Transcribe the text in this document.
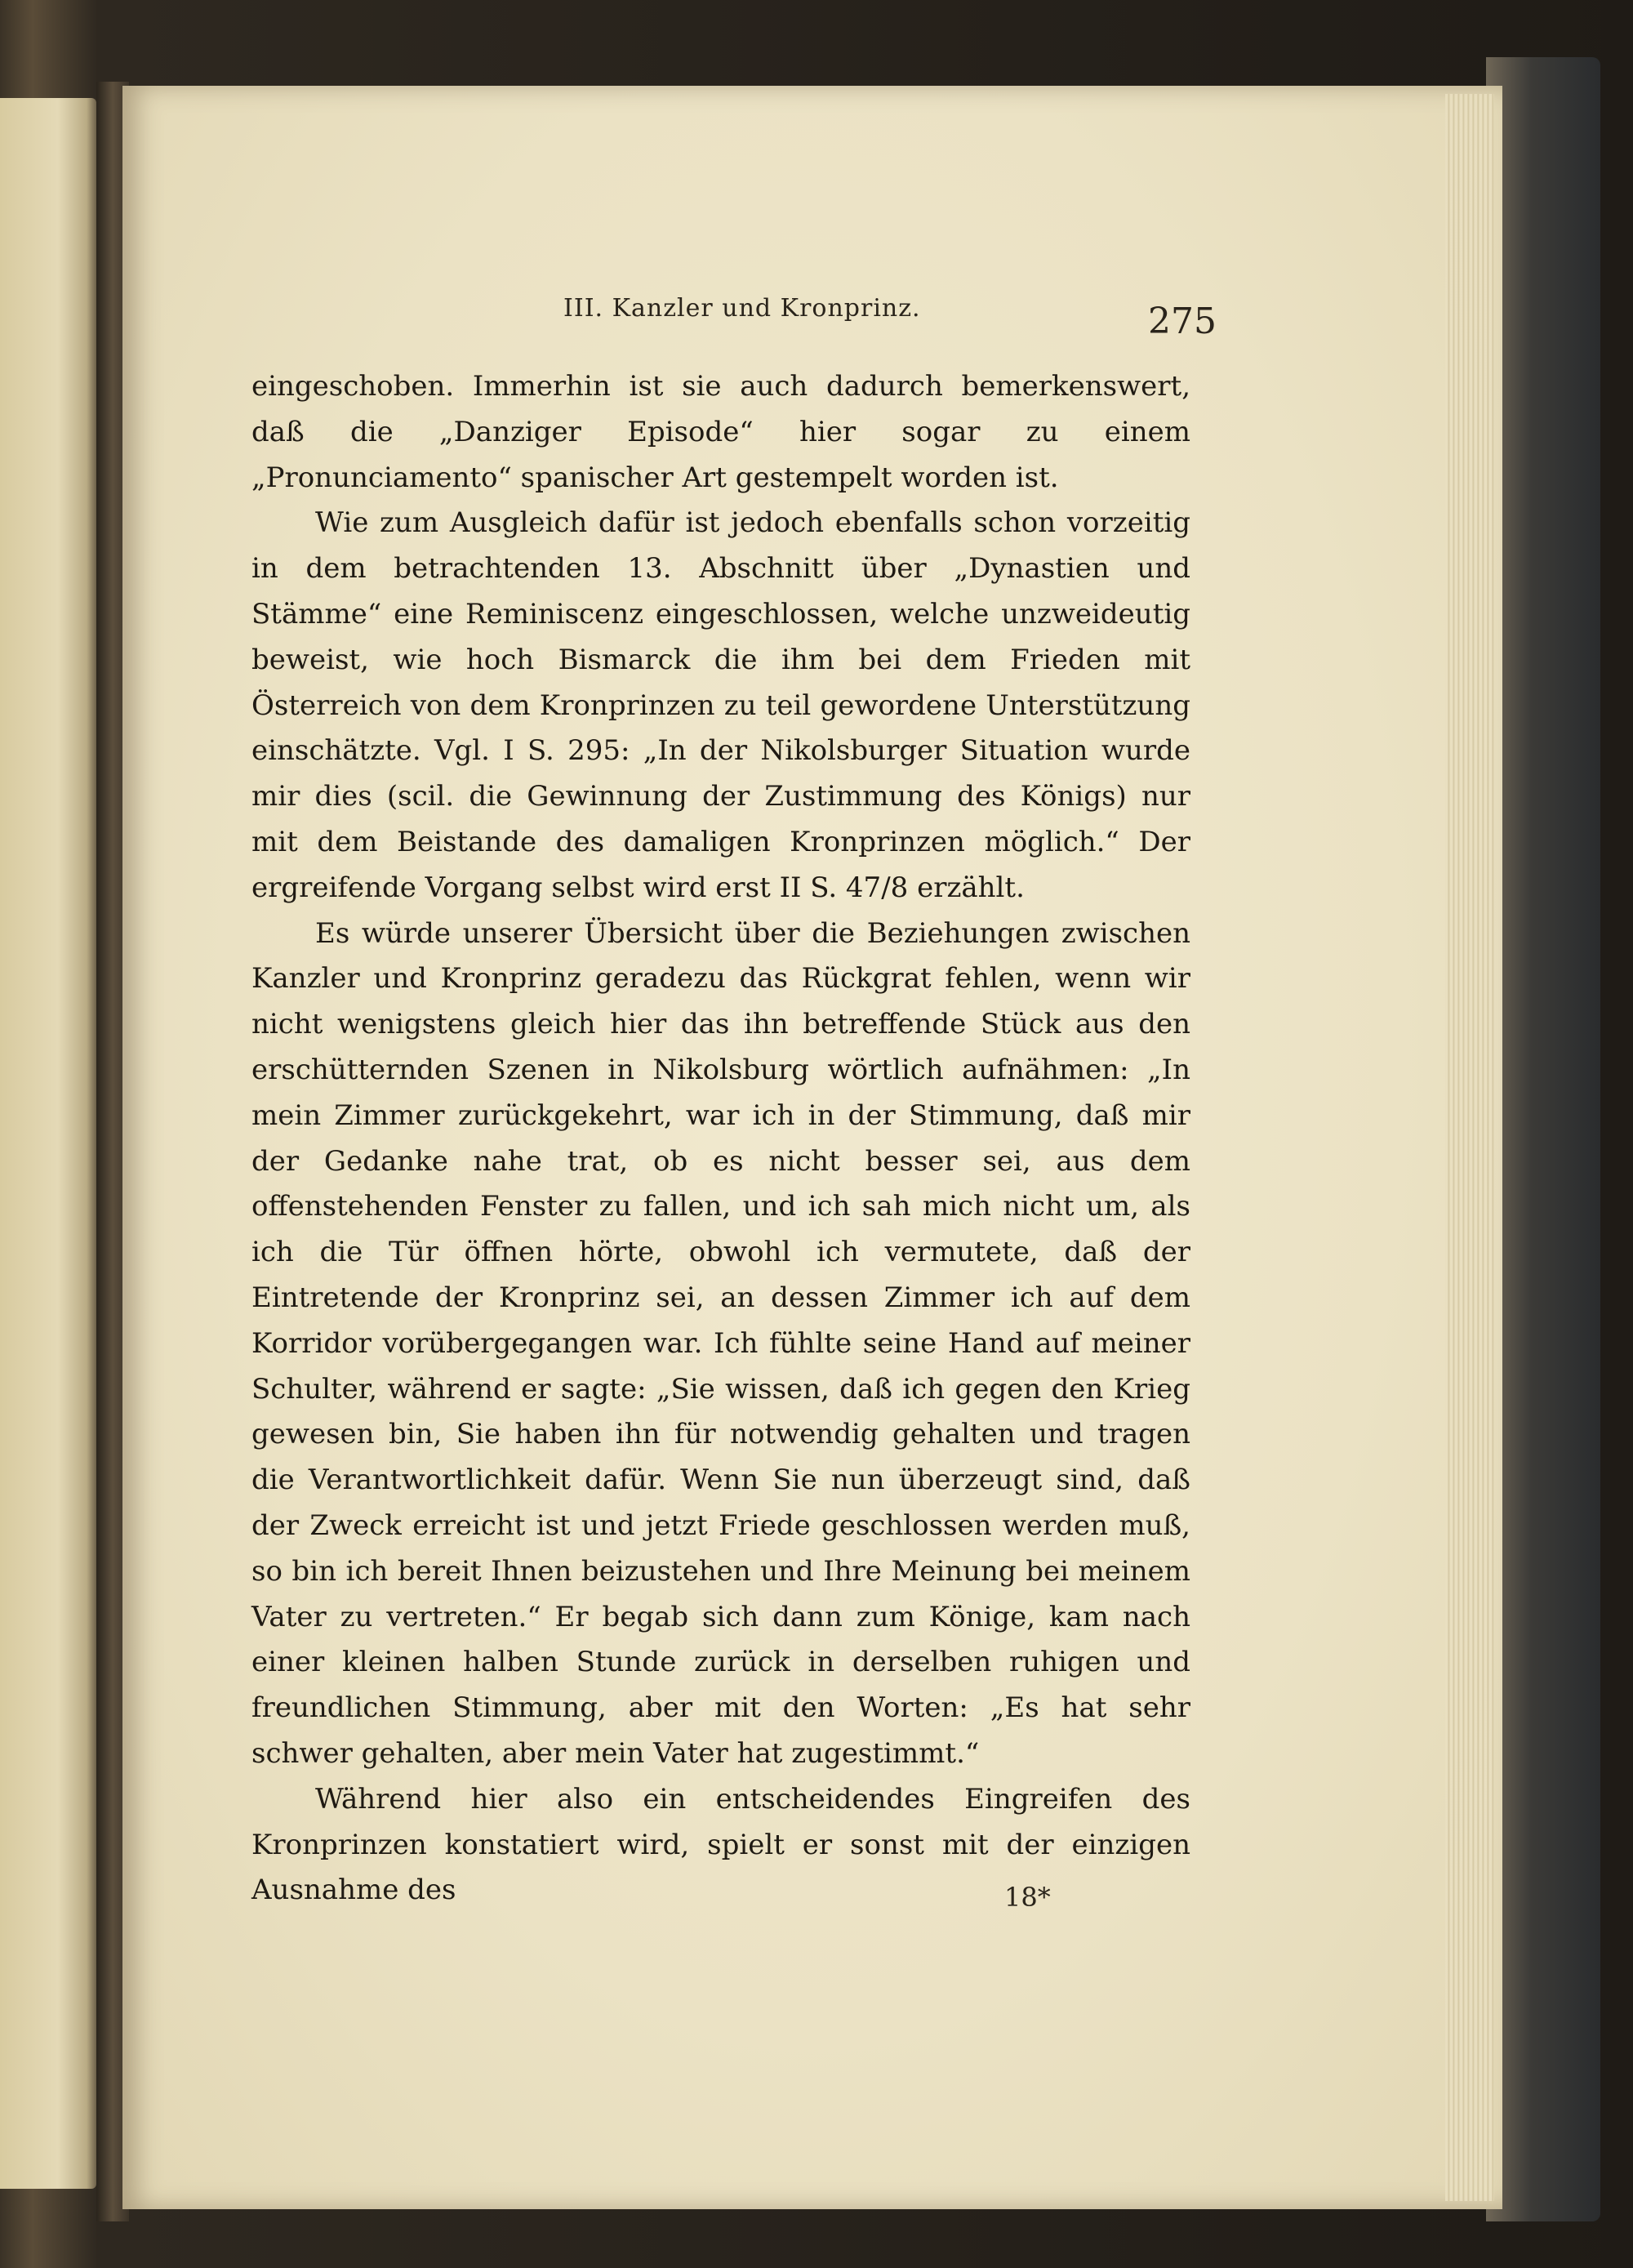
III. Kanzler und Kronprinz.	275

eingeschoben. Immerhin ist sie auch dadurch bemerkenswert, daß die „Danziger Episode“ hier sogar zu einem „Pronunciamento“ spanischer Art gestempelt worden ist.

Wie zum Ausgleich dafür ist jedoch ebenfalls schon vorzeitig in dem betrachtenden 13. Abschnitt über „Dynastien und Stämme“ eine Reminiscenz eingeschlossen, welche unzweideutig beweist, wie hoch Bismarck die ihm bei dem Frieden mit Österreich von dem Kronprinzen zu teil gewordene Unterstützung einschätzte. Vgl. I S. 295: „In der Nikolsburger Situation wurde mir dies (scil. die Gewinnung der Zustimmung des Königs) nur mit dem Beistande des damaligen Kronprinzen möglich.“ Der ergreifende Vorgang selbst wird erst II S. 47/8 erzählt.

Es würde unserer Übersicht über die Beziehungen zwischen Kanzler und Kronprinz geradezu das Rückgrat fehlen, wenn wir nicht wenigstens gleich hier das ihn betreffende Stück aus den erschütternden Szenen in Nikolsburg wörtlich aufnähmen: „In mein Zimmer zurückgekehrt, war ich in der Stimmung, daß mir der Gedanke nahe trat, ob es nicht besser sei, aus dem offenstehenden Fenster zu fallen, und ich sah mich nicht um, als ich die Tür öffnen hörte, obwohl ich vermutete, daß der Eintretende der Kronprinz sei, an dessen Zimmer ich auf dem Korridor vorübergegangen war. Ich fühlte seine Hand auf meiner Schulter, während er sagte: „Sie wissen, daß ich gegen den Krieg gewesen bin, Sie haben ihn für notwendig gehalten und tragen die Verantwortlichkeit dafür. Wenn Sie nun überzeugt sind, daß der Zweck erreicht ist und jetzt Friede geschlossen werden muß, so bin ich bereit Ihnen beizustehen und Ihre Meinung bei meinem Vater zu vertreten.“ Er begab sich dann zum Könige, kam nach einer kleinen halben Stunde zurück in derselben ruhigen und freundlichen Stimmung, aber mit den Worten: „Es hat sehr schwer gehalten, aber mein Vater hat zugestimmt.“

Während hier also ein entscheidendes Eingreifen des Kronprinzen konstatiert wird, spielt er sonst mit der einzigen Ausnahme des	18*
